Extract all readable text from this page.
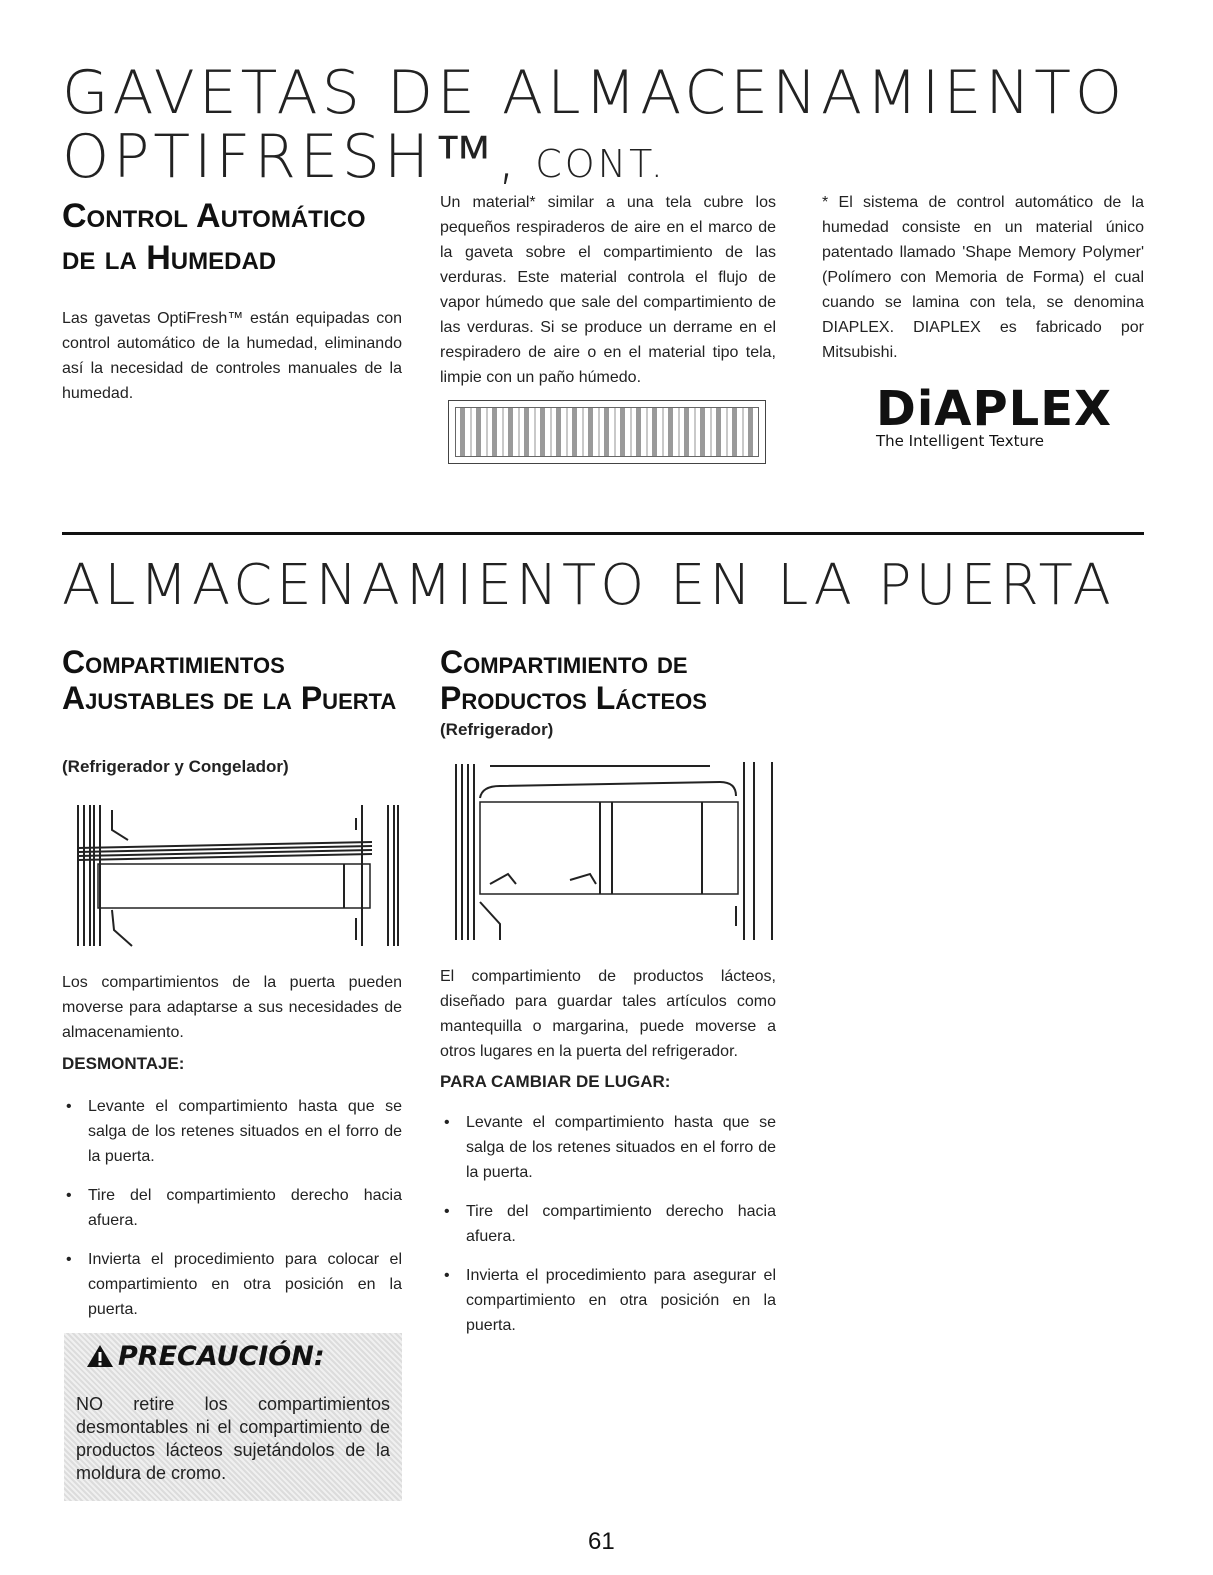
GAVETAS DE ALMACENAMIENTO
OPTIFRESH™, CONT.
Control Automático de la Humedad
Las gavetas OptiFresh™ están equipadas con control automático de la humedad, eliminando así la necesidad de controles manuales de la humedad.
Un material* similar a una tela cubre los pequeños respiraderos de aire en el marco de la gaveta sobre el compartimiento de las verduras. Este material controla el flujo de vapor húmedo que sale del compartimiento de las verduras. Si se produce un derrame en el respiradero de aire o en el material tipo tela, limpie con un paño húmedo.
* El sistema de control automático de la humedad consiste en un material único patentado llamado 'Shape Memory Polymer' (Polímero con Memoria de Forma) el cual cuando se lamina con tela, se denomina DIAPLEX. DIAPLEX es fabricado por Mitsubishi.
DiAPLEX
The Intelligent Texture
ALMACENAMIENTO EN LA PUERTA
Compartimientos Ajustables de la Puerta
(Refrigerador y Congelador)
Los compartimientos de la puerta pueden moverse para adaptarse a sus necesidades de almacenamiento.
DESMONTAJE:
• Levante el compartimiento hasta que se salga de los retenes situados en el forro de la puerta.
• Tire del compartimiento derecho hacia afuera.
• Invierta el procedimiento para colocar el compartimiento en otra posición en la puerta.
PRECAUCIÓN:
NO retire los compartimientos desmontables ni el compartimiento de productos lácteos sujetándolos de la moldura de cromo.
Compartimiento de Productos Lácteos
(Refrigerador)
El compartimiento de productos lácteos, diseñado para guardar tales artículos como mantequilla o margarina, puede moverse a otros lugares en la puerta del refrigerador.
PARA CAMBIAR DE LUGAR:
• Levante el compartimiento hasta que se salga de los retenes situados en el forro de la puerta.
• Tire del compartimiento derecho hacia afuera.
• Invierta el procedimiento para asegurar el compartimiento en otra posición en la puerta.
61
